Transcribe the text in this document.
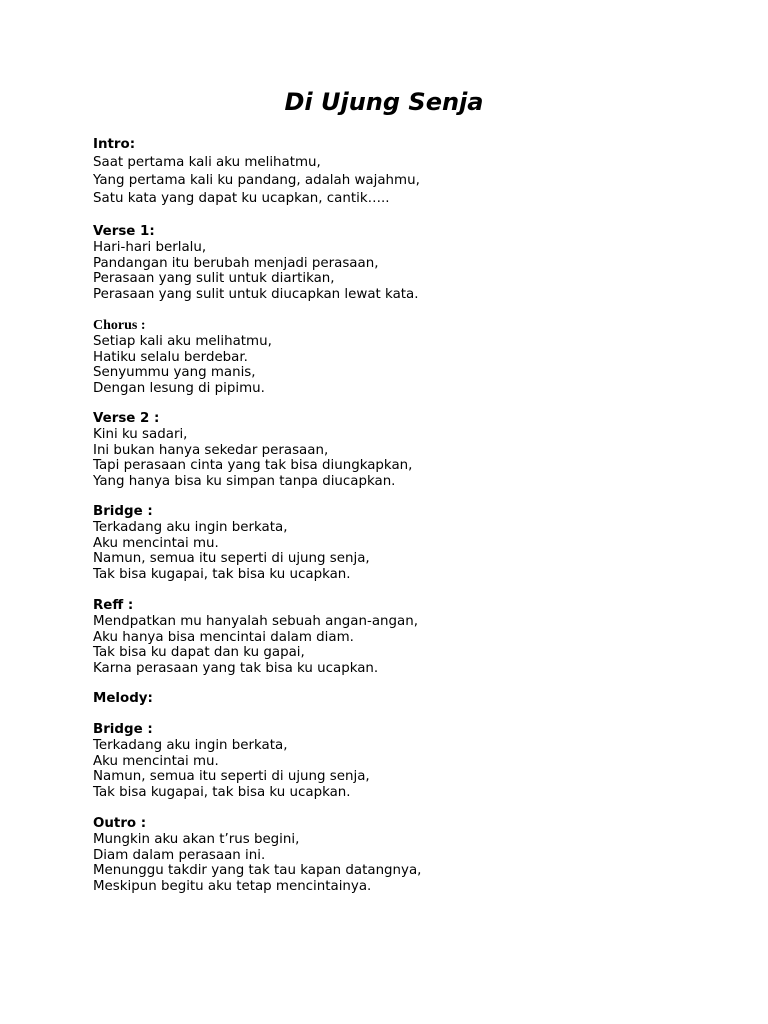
Di Ujung Senja
Intro:
Saat pertama kali aku melihatmu,
Yang pertama kali ku pandang, adalah wajahmu,
Satu kata yang dapat ku ucapkan, cantik…..
Verse 1:
Hari-hari berlalu,
Pandangan itu berubah menjadi perasaan,
Perasaan yang sulit untuk diartikan,
Perasaan yang sulit untuk diucapkan lewat kata.
Chorus :
Setiap kali aku melihatmu,
Hatiku selalu berdebar.
Senyummu yang manis,
Dengan lesung di pipimu.
Verse 2 :
Kini ku sadari,
Ini bukan hanya sekedar perasaan,
Tapi perasaan cinta yang tak bisa diungkapkan,
Yang hanya bisa ku simpan tanpa diucapkan.
Bridge :
Terkadang aku ingin berkata,
Aku mencintai mu.
Namun, semua itu seperti di ujung senja,
Tak bisa kugapai, tak bisa ku ucapkan.
Reff :
Mendpatkan mu hanyalah sebuah angan-angan,
Aku hanya bisa mencintai dalam diam.
Tak bisa ku dapat dan ku gapai,
Karna perasaan yang tak bisa ku ucapkan.
Melody:
Bridge :
Terkadang aku ingin berkata,
Aku mencintai mu.
Namun, semua itu seperti di ujung senja,
Tak bisa kugapai, tak bisa ku ucapkan.
Outro :
Mungkin aku akan t’rus begini,
Diam dalam perasaan ini.
Menunggu takdir yang tak tau kapan datangnya,
Meskipun begitu aku tetap mencintainya.
